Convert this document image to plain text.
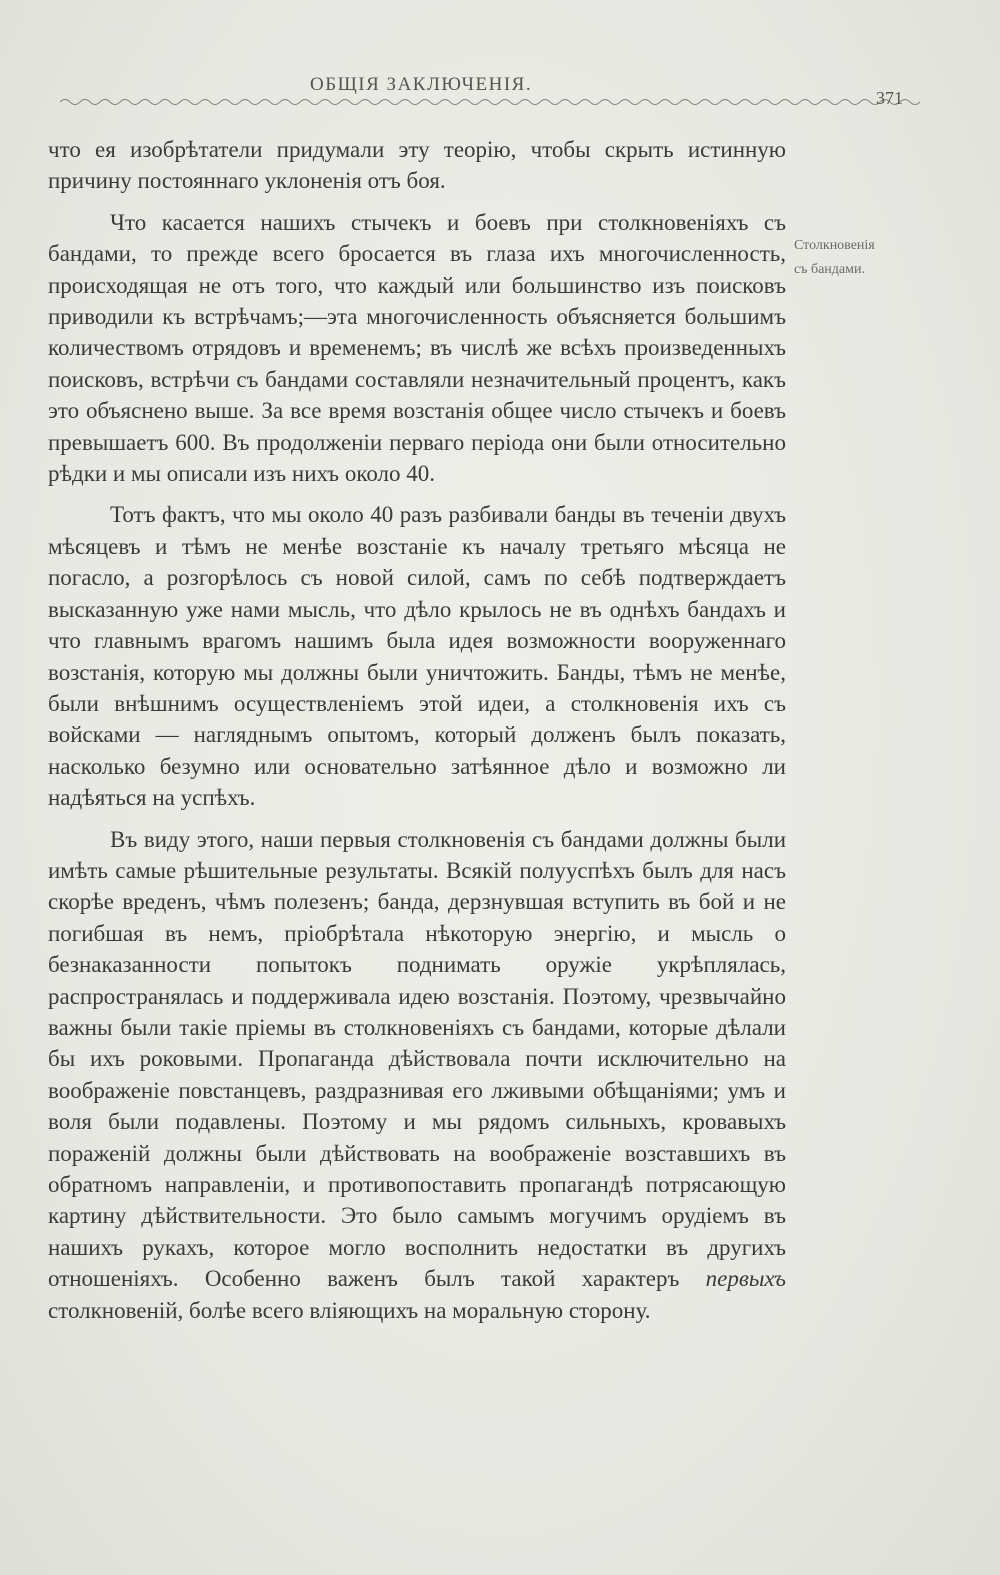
ОБЩІЯ ЗАКЛЮЧЕНІЯ.
371

что ея изобрѣтатели придумали эту теорію, чтобы скрыть истинную причину постояннаго уклоненія отъ боя.

Что касается нашихъ стычекъ и боевъ при столкновеніяхъ съ бандами, то прежде всего бросается въ глаза ихъ многочисленность, происходящая не отъ того, что каждый или большинство изъ поисковъ приводили къ встрѣчамъ;—эта многочисленность объясняется большимъ количествомъ отрядовъ и временемъ; въ числѣ же всѣхъ произведенныхъ поисковъ, встрѣчи съ бандами составляли незначительный процентъ, какъ это объяснено выше. За все время возстанія общее число стычекъ и боевъ превышаетъ 600. Въ продолженіи перваго періода они были относительно рѣдки и мы описали изъ нихъ около 40.

Тотъ фактъ, что мы около 40 разъ разбивали банды въ теченіи двухъ мѣсяцевъ и тѣмъ не менѣе возстаніе къ началу третьяго мѣсяца не погасло, а розгорѣлось съ новой силой, самъ по себѣ подтверждаетъ высказанную уже нами мысль, что дѣло крылось не въ однѣхъ бандахъ и что главнымъ врагомъ нашимъ была идея возможности вооруженнаго возстанія, которую мы должны были уничтожить. Банды, тѣмъ не менѣе, были внѣшнимъ осуществленіемъ этой идеи, а столкновенія ихъ съ войсками — нагляднымъ опытомъ, который долженъ былъ показать, насколько безумно или основательно затѣянное дѣло и возможно ли надѣяться на успѣхъ.

Въ виду этого, наши первыя столкновенія съ бандами должны были имѣть самые рѣшительные результаты. Всякій полууспѣхъ былъ для насъ скорѣе вреденъ, чѣмъ полезенъ; банда, дерзнувшая вступить въ бой и не погибшая въ немъ, пріобрѣтала нѣкоторую энергію, и мысль о безнаказанности попытокъ поднимать оружіе укрѣплялась, распространялась и поддерживала идею возстанія. Поэтому, чрезвычайно важны были такіе пріемы въ столкновеніяхъ съ бандами, которые дѣлали бы ихъ роковыми. Пропаганда дѣйствовала почти исключительно на воображеніе повстанцевъ, раздразнивая его лживыми обѣщаніями; умъ и воля были подавлены. Поэтому и мы рядомъ сильныхъ, кровавыхъ пораженій должны были дѣйствовать на воображеніе возставшихъ въ обратномъ направленіи, и противопоставить пропагандѣ потрясающую картину дѣйствительности. Это было самымъ могучимъ орудіемъ въ нашихъ рукахъ, которое могло восполнить недостатки въ другихъ отношеніяхъ. Особенно важенъ былъ такой характеръ первыхъ столкновеній, болѣе всего вліяющихъ на моральную сторону.

Столкновенія
съ бандами.
